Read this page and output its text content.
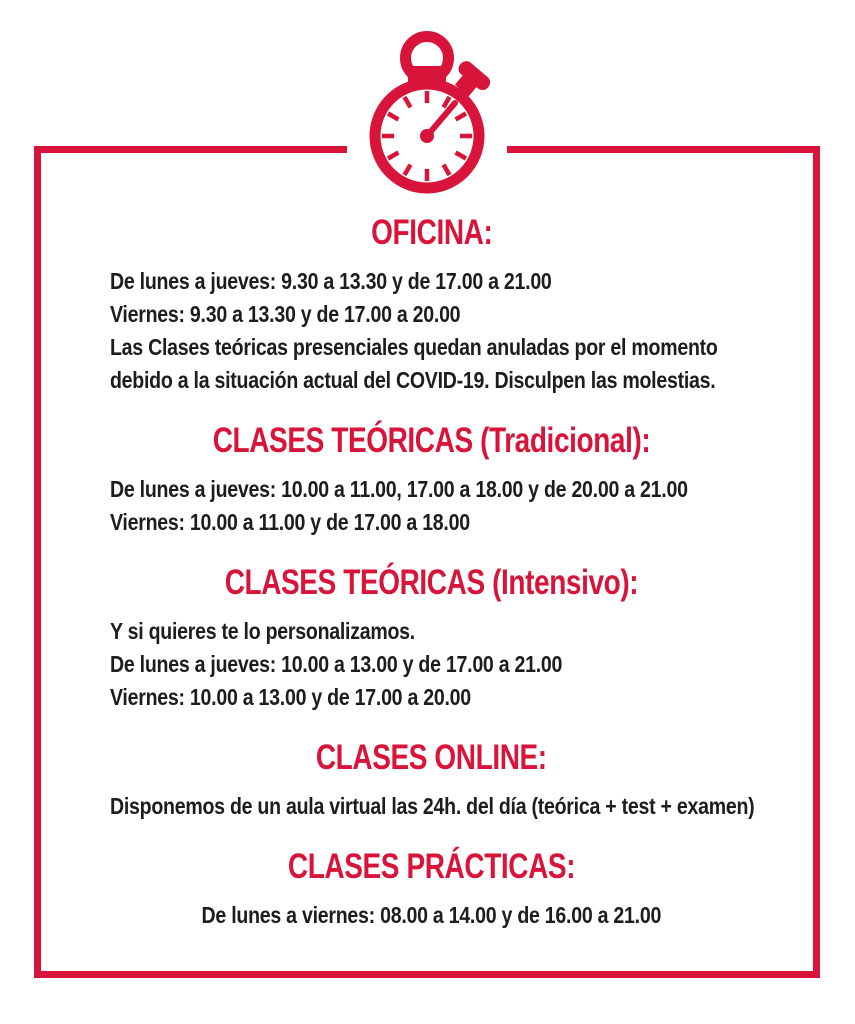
OFICINA:

De lunes a jueves: 9.30 a 13.30 y de 17.00 a 21.00

Viernes: 9.30 a 13.30 y de 17.00 a 20.00

Las Clases teóricas presenciales quedan anuladas por el momento

debido a la situación actual del COVID-19. Disculpen las molestias.

CLASES TEÓRICAS (Tradicional):

De lunes a jueves: 10.00 a 11.00, 17.00 a 18.00 y de 20.00 a 21.00

Viernes: 10.00 a 11.00 y de 17.00 a 18.00

CLASES TEÓRICAS (Intensivo):

Y si quieres te lo personalizamos.

De lunes a jueves: 10.00 a 13.00 y de 17.00 a 21.00

Viernes: 10.00 a 13.00 y de 17.00 a 20.00

CLASES ONLINE:

Disponemos de un aula virtual las 24h. del día (teórica + test + examen)

CLASES PRÁCTICAS:

De lunes a viernes: 08.00 a 14.00 y de 16.00 a 21.00
